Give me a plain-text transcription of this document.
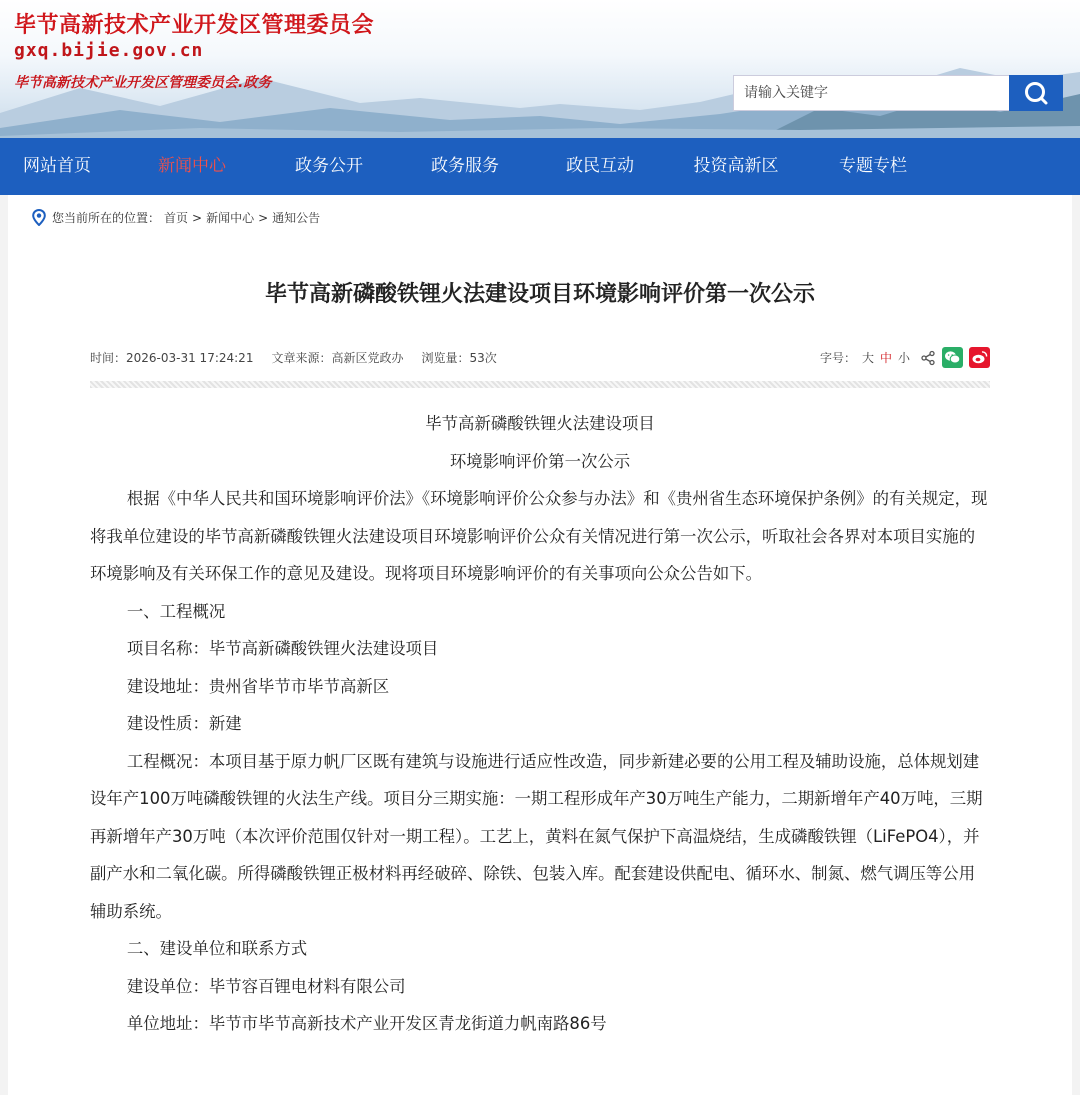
毕节高新技术产业开发区管理委员会
gxq.bijie.gov.cn
毕节高新技术产业开发区管理委员会.政务
请输入关键字
网站首页	新闻中心	政务公开	政务服务	政民互动	投资高新区	专题专栏
您当前所在的位置： 首页 > 新闻中心 > 通知公告
毕节高新磷酸铁锂火法建设项目环境影响评价第一次公示
时间：2026-03-31 17:24:21 文章来源：高新区党政办 浏览量：53次	字号： 大 中 小

毕节高新磷酸铁锂火法建设项目

环境影响评价第一次公示

根据《中华人民共和国环境影响评价法》《环境影响评价公众参与办法》和《贵州省生态环境保护条例》的有关规定，现将我单位建设的毕节高新磷酸铁锂火法建设项目环境影响评价公众有关情况进行第一次公示，听取社会各界对本项目实施的环境影响及有关环保工作的意见及建设。现将项目环境影响评价的有关事项向公众公告如下。

一、工程概况

项目名称：毕节高新磷酸铁锂火法建设项目

建设地址：贵州省毕节市毕节高新区

建设性质：新建

工程概况：本项目基于原力帆厂区既有建筑与设施进行适应性改造，同步新建必要的公用工程及辅助设施，总体规划建设年产100万吨磷酸铁锂的火法生产线。项目分三期实施：一期工程形成年产30万吨生产能力，二期新增年产40万吨，三期再新增年产30万吨（本次评价范围仅针对一期工程）。工艺上，黄料在氮气保护下高温烧结，生成磷酸铁锂（LiFePO4），并副产水和二氧化碳。所得磷酸铁锂正极材料再经破碎、除铁、包装入库。配套建设供配电、循环水、制氮、燃气调压等公用辅助系统。

二、建设单位和联系方式

建设单位：毕节容百锂电材料有限公司

单位地址：毕节市毕节高新技术产业开发区青龙街道力帆南路86号
